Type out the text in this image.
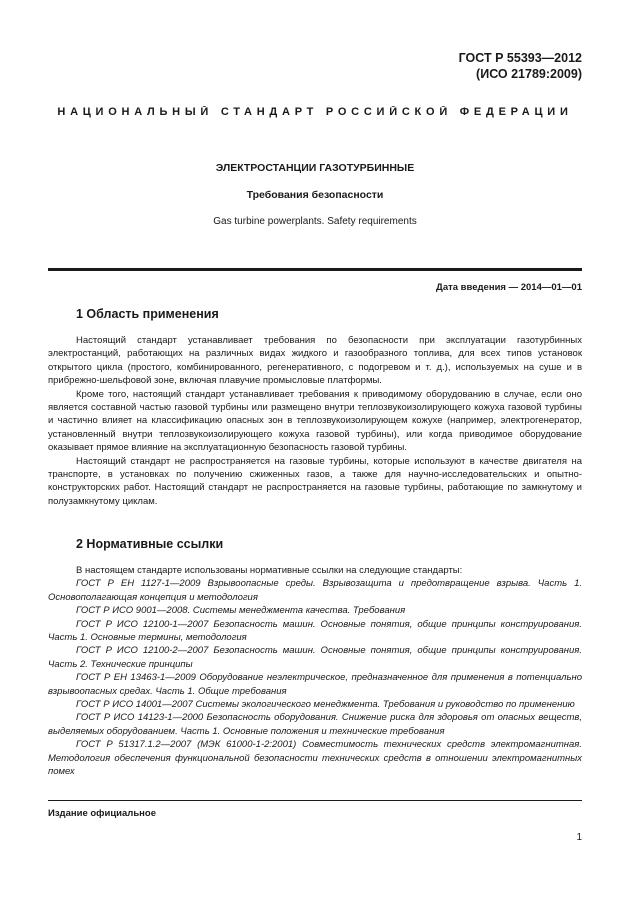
ГОСТ Р 55393—2012
(ИСО 21789:2009)
НАЦИОНАЛЬНЫЙ СТАНДАРТ РОССИЙСКОЙ ФЕДЕРАЦИИ
ЭЛЕКТРОСТАНЦИИ ГАЗОТУРБИННЫЕ
Требования безопасности
Gas turbine powerplants. Safety requirements
Дата введения — 2014—01—01
1 Область применения

Настоящий стандарт устанавливает требования по безопасности при эксплуатации газотурбинных электростанций, работающих на различных видах жидкого и газообразного топлива, для всех типов установок открытого цикла (простого, комбинированного, регенеративного, с подогревом и т. д.), используемых на суше и в прибрежно-шельфовой зоне, включая плавучие промысловые платформы.

Кроме того, настоящий стандарт устанавливает требования к приводимому оборудованию в случае, если оно является составной частью газовой турбины или размещено внутри теплозвукоизолирующего кожуха газовой турбины и частично влияет на классификацию опасных зон в теплозвукоизолирующем кожухе (например, электрогенератор, установленный внутри теплозвукоизолирующего кожуха газовой турбины), или когда приводимое оборудование оказывает прямое влияние на эксплуатационную безопасность газовой турбины.

Настоящий стандарт не распространяется на газовые турбины, которые используют в качестве двигателя на транспорте, в установках по получению сжиженных газов, а также для научно-исследовательских и опытно-конструкторских работ. Настоящий стандарт не распространяется на газовые турбины, работающие по замкнутому и полузамкнутому циклам.

2 Нормативные ссылки

В настоящем стандарте использованы нормативные ссылки на следующие стандарты:

ГОСТ Р ЕН 1127-1—2009 Взрывоопасные среды. Взрывозащита и предотвращение взрыва. Часть 1. Основополагающая концепция и методология

ГОСТ Р ИСО 9001—2008. Системы менеджмента качества. Требования

ГОСТ Р ИСО 12100-1—2007 Безопасность машин. Основные понятия, общие принципы конструирования. Часть 1. Основные термины, методология

ГОСТ Р ИСО 12100-2—2007 Безопасность машин. Основные понятия, общие принципы конструирования. Часть 2. Технические принципы

ГОСТ Р ЕН 13463-1—2009 Оборудование неэлектрическое, предназначенное для применения в потенциально взрывоопасных средах. Часть 1. Общие требования

ГОСТ Р ИСО 14001—2007 Системы экологического менеджмента. Требования и руководство по применению

ГОСТ Р ИСО 14123-1—2000 Безопасность оборудования. Снижение риска для здоровья от опасных веществ, выделяемых оборудованием. Часть 1. Основные положения и технические требования

ГОСТ Р 51317.1.2—2007 (МЭК 61000-1-2:2001) Совместимость технических средств электромагнитная. Методология обеспечения функциональной безопасности технических средств в отношении электромагнитных помех

Издание официальное
1
